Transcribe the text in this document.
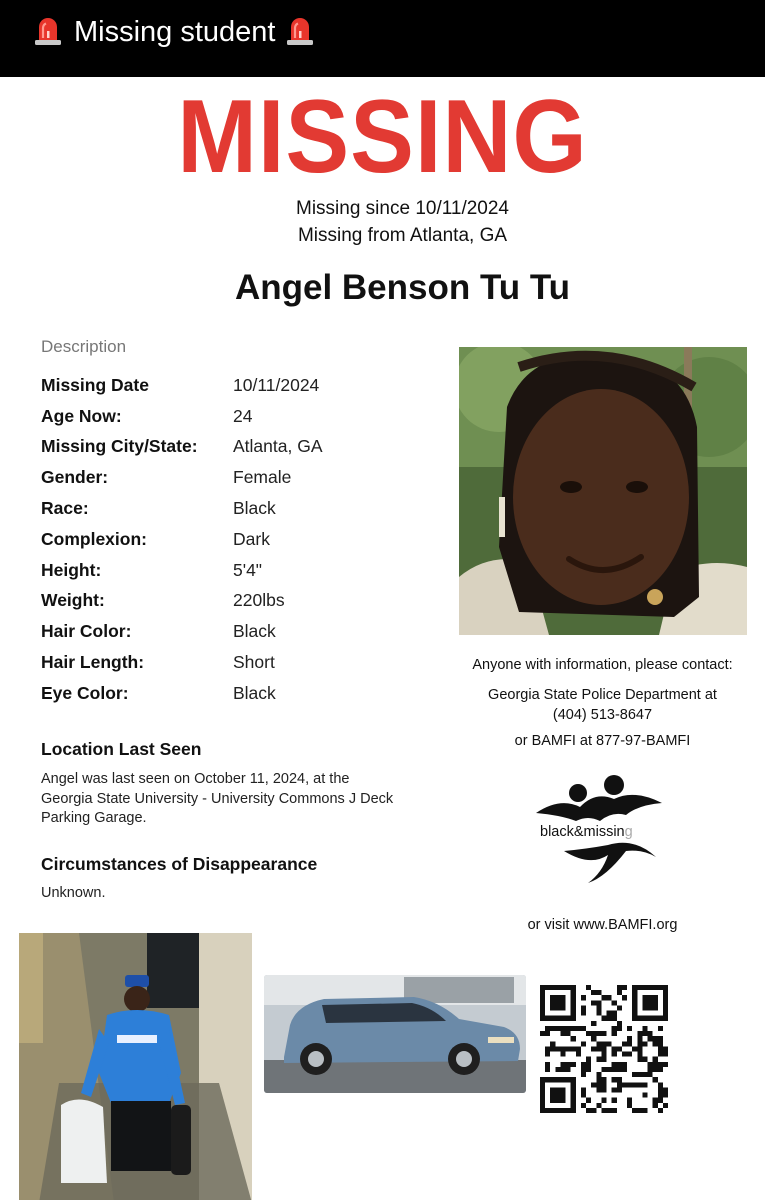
Missing student
MISSING
Missing since 10/11/2024
Missing from Atlanta, GA
Angel Benson Tu Tu
Description
Missing Date	10/11/2024
Age Now:	24
Missing City/State:	Atlanta, GA
Gender:	Female
Race:	Black
Complexion:	Dark
Height:	5'4"
Weight:	220lbs
Hair Color:	Black
Hair Length:	Short
Eye Color:	Black

Anyone with information, please contact:

Georgia State Police Department at

(404) 513-8647

or BAMFI at 877-97-BAMFI

Location Last Seen
Angel was last seen on October 11, 2024, at the Georgia State University - University Commons J Deck Parking Garage.
Circumstances of Disappearance
Unknown.
black&missing
or visit www.BAMFI.org
